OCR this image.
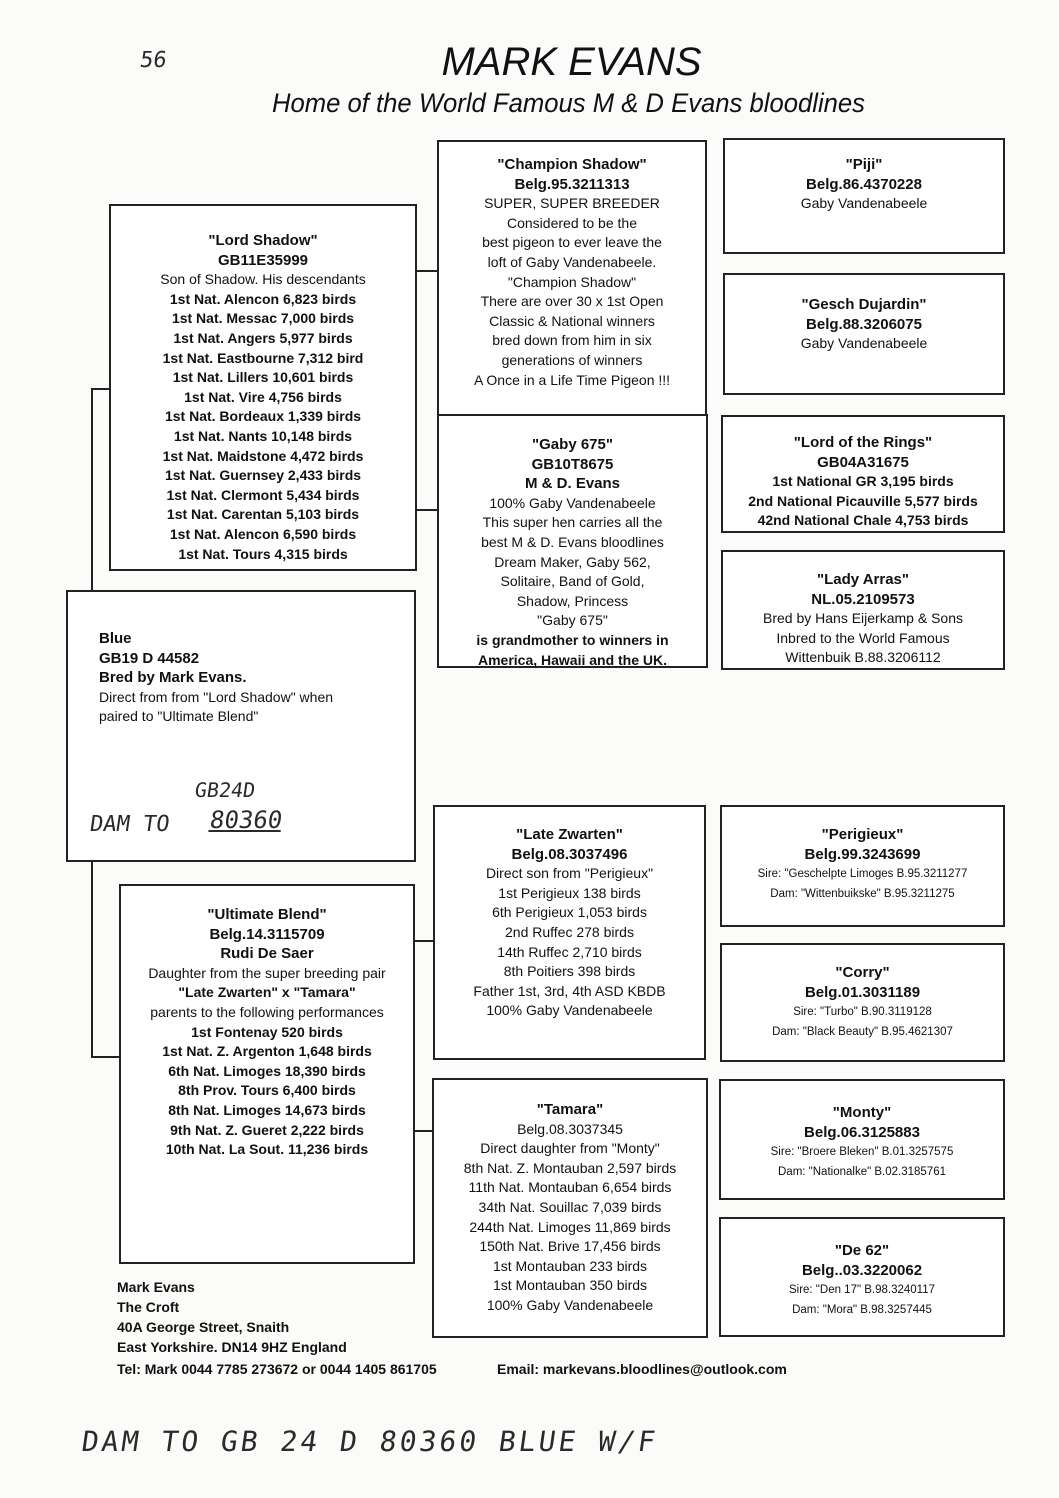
56	MARK EVANS
Home of the World Famous M & D Evans bloodlines
"Lord Shadow"
GB11E35999
Son of Shadow. His descendants
1st Nat. Alencon 6,823 birds
1st Nat. Messac 7,000 birds
1st Nat. Angers 5,977 birds
1st Nat. Eastbourne 7,312 bird
1st Nat. Lillers 10,601 birds
1st Nat. Vire 4,756 birds
1st Nat. Bordeaux 1,339 birds
1st Nat. Nants 10,148 birds
1st Nat. Maidstone 4,472 birds
1st Nat. Guernsey 2,433 birds
1st Nat. Clermont 5,434 birds
1st Nat. Carentan 5,103 birds
1st Nat. Alencon 6,590 birds
1st Nat. Tours 4,315 birds
"Champion Shadow"
Belg.95.3211313
SUPER, SUPER BREEDER
Considered to be the
best pigeon to ever leave the
loft of Gaby Vandenabeele.
"Champion Shadow"
There are over 30 x 1st Open
Classic & National winners
bred down from him in six
generations of winners
A Once in a Life Time Pigeon !!!
"Piji"
Belg.86.4370228
Gaby Vandenabeele
"Gesch Dujardin"
Belg.88.3206075
Gaby Vandenabeele
"Gaby 675"
GB10T8675
M & D. Evans
100% Gaby Vandenabeele
This super hen carries all the
best M & D. Evans bloodlines
Dream Maker, Gaby 562,
Solitaire, Band of Gold,
Shadow, Princess
"Gaby 675"
is grandmother to winners in
America, Hawaii and the UK.
"Lord of the Rings"
GB04A31675
1st National GR 3,195 birds
2nd National Picauville 5,577 birds
42nd National Chale 4,753 birds
"Lady Arras"
NL.05.2109573
Bred by Hans Eijerkamp & Sons
Inbred to the World Famous
Wittenbuik B.88.3206112
Blue
GB19 D 44582
Bred by Mark Evans.
Direct from from "Lord Shadow" when
paired to "Ultimate Blend"
GB24D
DAM TO 80360
"Ultimate Blend"
Belg.14.3115709
Rudi De Saer
Daughter from the super breeding pair
"Late Zwarten" x "Tamara"
parents to the following performances
1st Fontenay 520 birds
1st Nat. Z. Argenton 1,648 birds
6th Nat. Limoges 18,390 birds
8th Prov. Tours 6,400 birds
8th Nat. Limoges 14,673 birds
9th Nat. Z. Gueret 2,222 birds
10th Nat. La Sout. 11,236 birds
"Late Zwarten"
Belg.08.3037496
Direct son from "Perigieux"
1st Perigieux 138 birds
6th Perigieux 1,053 birds
2nd Ruffec 278 birds
14th Ruffec 2,710 birds
8th Poitiers 398 birds
Father 1st, 3rd, 4th ASD KBDB
100% Gaby Vandenabeele
"Tamara"
Belg.08.3037345
Direct daughter from "Monty"
8th Nat. Z. Montauban 2,597 birds
11th Nat. Montauban 6,654 birds
34th Nat. Souillac 7,039 birds
244th Nat. Limoges 11,869 birds
150th Nat. Brive 17,456 birds
1st Montauban 233 birds
1st Montauban 350 birds
100% Gaby Vandenabeele
"Perigieux"
Belg.99.3243699
Sire: "Geschelpte Limoges B.95.3211277
Dam: "Wittenbuikske" B.95.3211275
"Corry"
Belg.01.3031189
Sire: "Turbo" B.90.3119128
Dam: "Black Beauty" B.95.4621307
"Monty"
Belg.06.3125883
Sire: "Broere Bleken" B.01.3257575
Dam: "Nationalke" B.02.3185761
"De 62"
Belg..03.3220062
Sire: "Den 17" B.98.3240117
Dam: "Mora" B.98.3257445
Mark Evans
The Croft
40A George Street, Snaith
East Yorkshire. DN14 9HZ England
Tel: Mark 0044 7785 273672 or 0044 1405 861705	Email: markevans.bloodlines@outlook.com
DAM TO GB 24 D 80360 BLUE W/F
